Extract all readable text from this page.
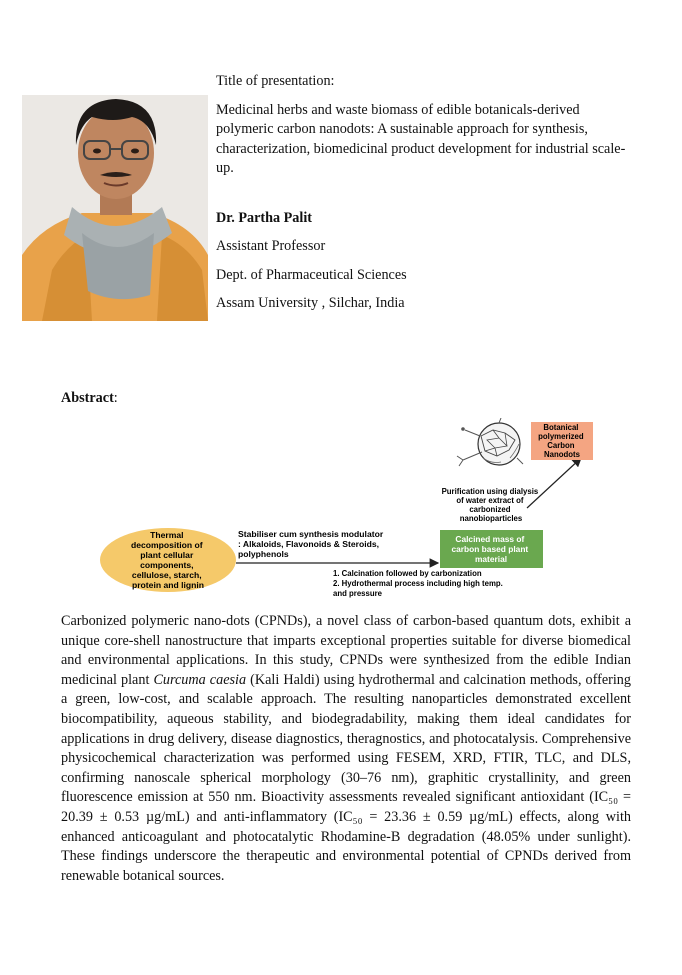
Title of presentation:

Medicinal herbs and waste biomass of edible botanicals-derived polymeric carbon nanodots: A sustainable approach for synthesis, characterization, biomedicinal product development for industrial scale-up.

Dr. Partha Palit

Assistant Professor

Dept. of Pharmaceutical Sciences

Assam University , Silchar, India

Abstract:
Thermal decomposition of plant cellular components, cellulose, starch, protein and lignin
Stabiliser cum synthesis modulator : Alkaloids, Flavonoids & Steroids, polyphenols
1. Calcination followed by carbonization 2. Hydrothermal process including high temp. and pressure
Calcined mass of carbon based plant material
Purification using dialysis of water extract of carbonized nanobioparticles
Botanical polymerized Carbon Nanodots
Carbonized polymeric nano-dots (CPNDs), a novel class of carbon-based quantum dots, exhibit a unique core-shell nanostructure that imparts exceptional properties suitable for diverse biomedical and environmental applications. In this study, CPNDs were synthesized from the edible Indian medicinal plant Curcuma caesia (Kali Haldi) using hydrothermal and calcination methods, offering a green, low-cost, and scalable approach. The resulting nanoparticles demonstrated excellent biocompatibility, aqueous stability, and biodegradability, making them ideal candidates for applications in drug delivery, disease diagnostics, theragnostics, and photocatalysis. Comprehensive physicochemical characterization was performed using FESEM, XRD, FTIR, TLC, and DLS, confirming nanoscale spherical morphology (30–76 nm), graphitic crystallinity, and green fluorescence emission at 550 nm. Bioactivity assessments revealed significant antioxidant (IC₅₀ = 20.39 ± 0.53 µg/mL) and anti-inflammatory (IC₅₀ = 23.36 ± 0.59 µg/mL) effects, along with enhanced anticoagulant and photocatalytic Rhodamine-B degradation (48.05% under sunlight). These findings underscore the therapeutic and environmental potential of CPNDs derived from renewable botanical sources.
